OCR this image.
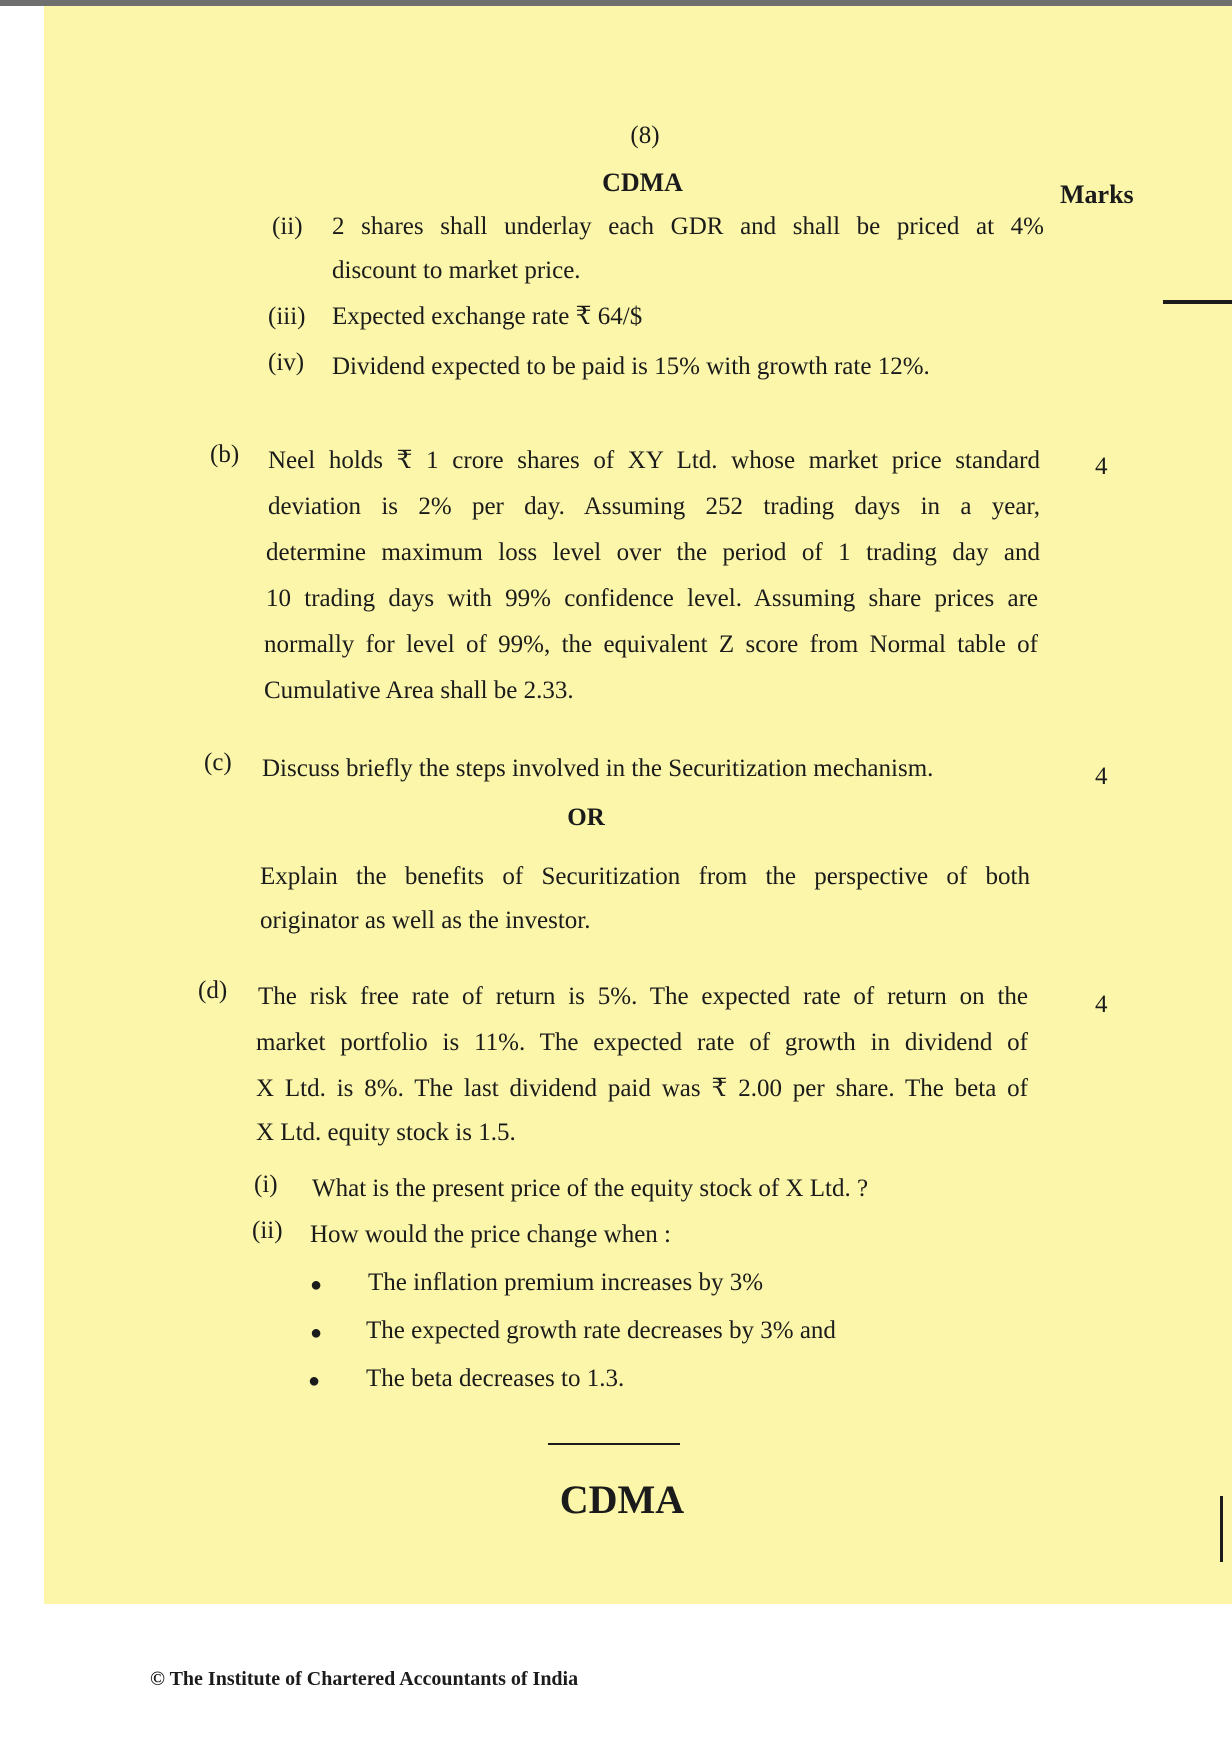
(8)
CDMA	Marks
(ii) 2 shares shall underlay each GDR and shall be priced at 4%
discount to market price.
(iii) Expected exchange rate ₹ 64/$
(iv) Dividend expected to be paid is 15% with growth rate 12%.
(b)	4
Neel holds ₹ 1 crore shares of XY Ltd. whose market price standard
deviation is 2% per day. Assuming 252 trading days in a year,
determine maximum loss level over the period of 1 trading day and
10 trading days with 99% confidence level. Assuming share prices are
normally for level of 99%, the equivalent Z score from Normal table of
Cumulative Area shall be 2.33.
(c)
4
Discuss briefly the steps involved in the Securitization mechanism.
OR
Explain the benefits of Securitization from the perspective of both
originator as well as the investor.
(d)
4
The risk free rate of return is 5%. The expected rate of return on the
market portfolio is 11%. The expected rate of growth in dividend of
X Ltd. is 8%. The last dividend paid was ₹ 2.00 per share. The beta of
X Ltd. equity stock is 1.5.
(i) What is the present price of the equity stock of X Ltd. ?
(ii) How would the price change when :
● The inflation premium increases by 3%
● The expected growth rate decreases by 3% and
● The beta decreases to 1.3.
CDMA
© The Institute of Chartered Accountants of India
